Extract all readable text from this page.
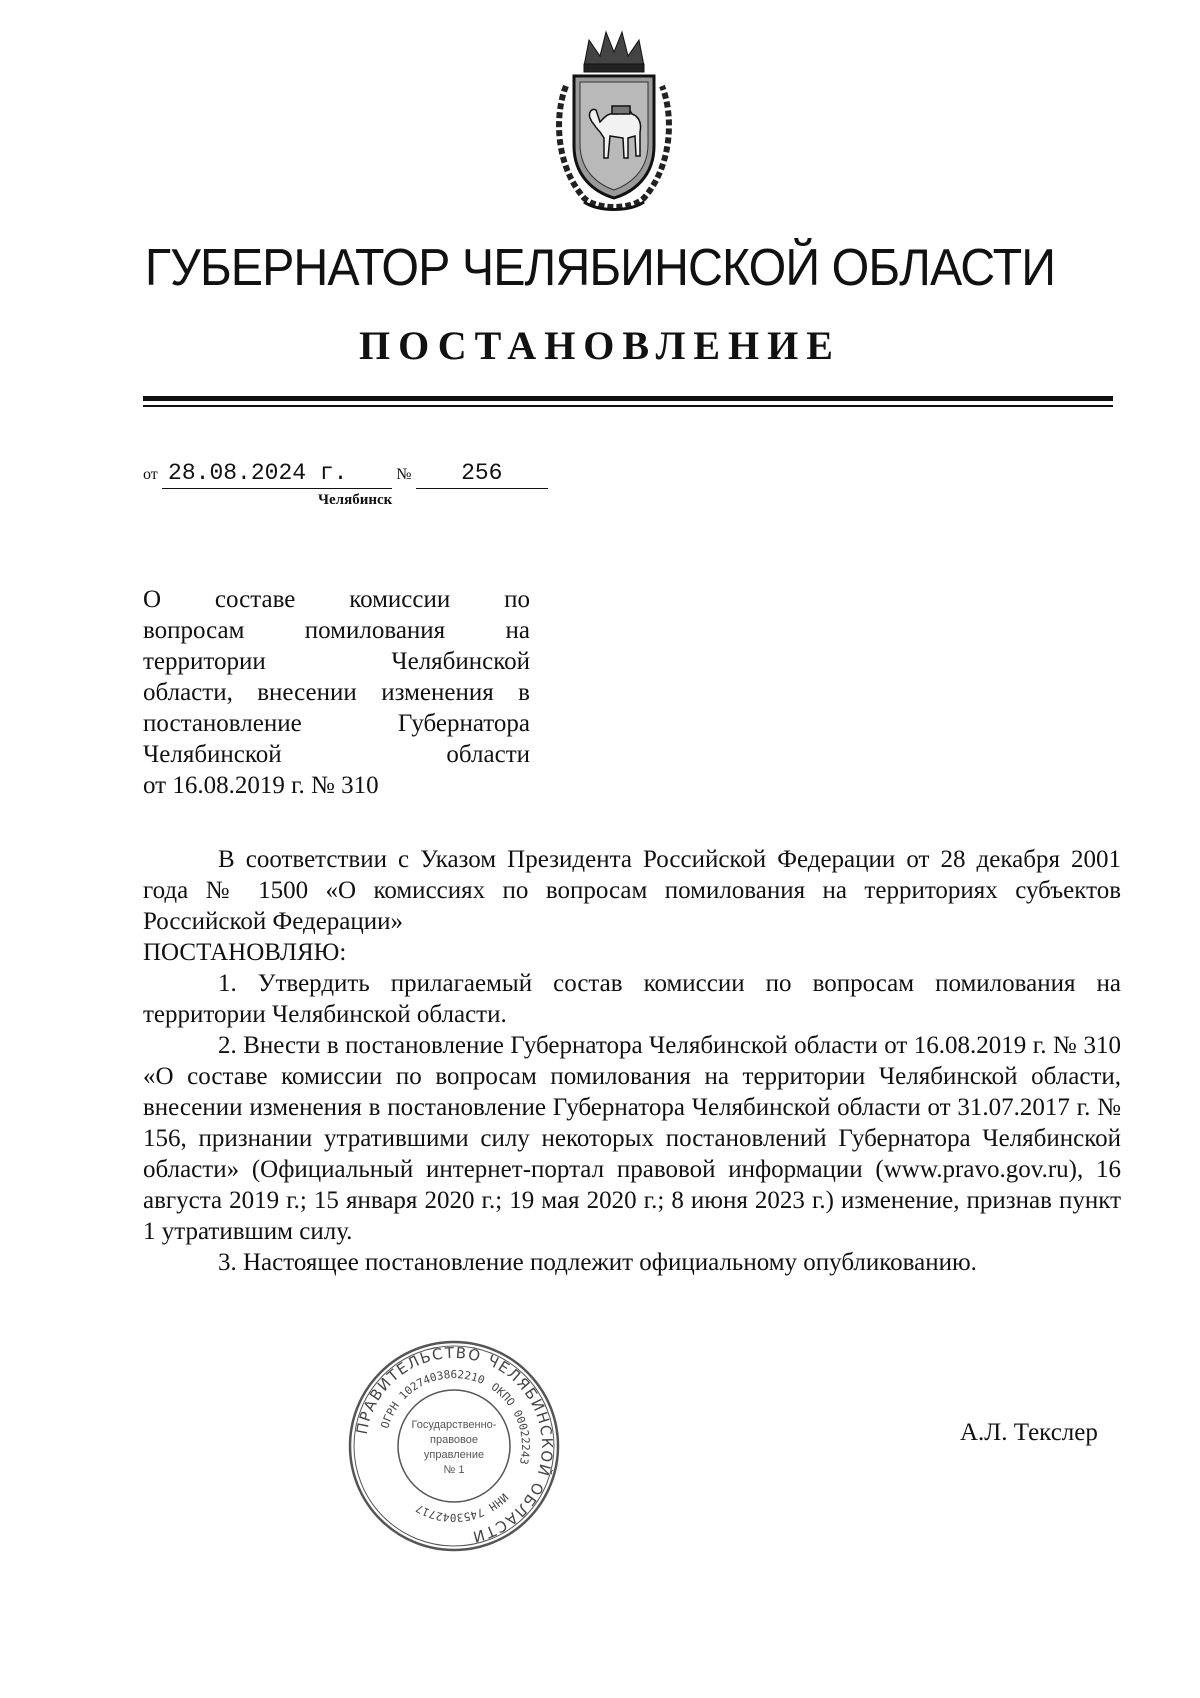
ГУБЕРНАТОР ЧЕЛЯБИНСКОЙ ОБЛАСТИ
ПОСТАНОВЛЕНИЕ
от 28.08.2024 г.	№ 256
Челябинск
О составе комиссии по
вопросам помилования на
территории Челябинской
области, внесении изменения в
постановление Губернатора
Челябинской области
от 16.08.2019 г. № 310

В соответствии с Указом Президента Российской Федерации от 28 декабря 2001 года № 1500 «О комиссиях по вопросам помилования на территориях субъектов Российской Федерации»

ПОСТАНОВЛЯЮ:

1. Утвердить прилагаемый состав комиссии по вопросам помилования на территории Челябинской области.

2. Внести в постановление Губернатора Челябинской области от 16.08.2019 г. № 310 «О составе комиссии по вопросам помилования на территории Челябинской области, внесении изменения в постановление Губернатора Челябинской области от 31.07.2017 г. № 156, признании утратившими силу некоторых постановлений Губернатора Челябинской области» (Официальный интернет-портал правовой информации (www.pravo.gov.ru), 16 августа 2019 г.; 15 января 2020 г.; 19 мая 2020 г.; 8 июня 2023 г.) изменение, признав пункт 1 утратившим силу.

3. Настоящее постановление подлежит официальному опубликованию.

ПРАВИТЕЛЬСТВО ЧЕЛЯБИНСКОЙ ОБЛАСТИ
ОГРН 1027403862210
ОКПО 00022243
ИНН 7453042717
Государственно-
правовое
управление
№ 1
А.Л. Текслер
